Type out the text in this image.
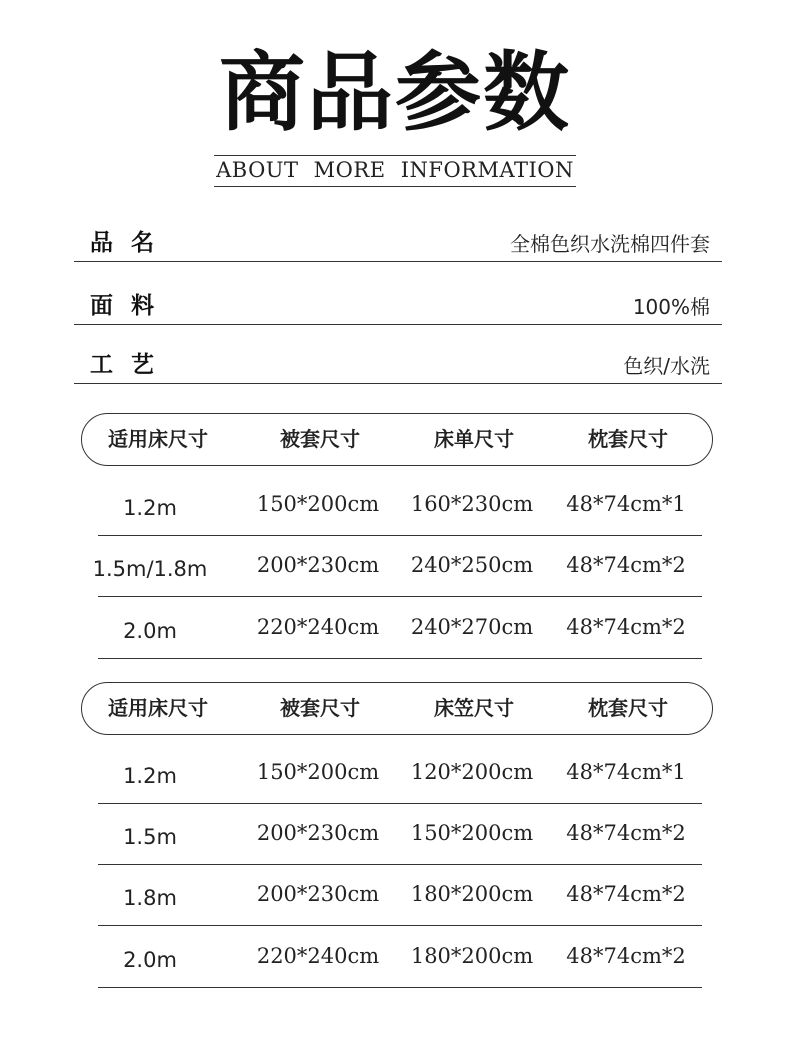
商品参数
ABOUT MORE INFORMATION
品名	全棉色织水洗棉四件套
面料	100%棉
工艺	色织/水洗
适用床尺寸	被套尺寸	床单尺寸	枕套尺寸
1.2m	150*200cm	160*230cm	48*74cm*1
1.5m/1.8m	200*230cm	240*250cm	48*74cm*2
2.0m	220*240cm	240*270cm	48*74cm*2
适用床尺寸	被套尺寸	床笠尺寸	枕套尺寸
1.2m	150*200cm	120*200cm	48*74cm*1
1.5m	200*230cm	150*200cm	48*74cm*2
1.8m	200*230cm	180*200cm	48*74cm*2
2.0m	220*240cm	180*200cm	48*74cm*2
